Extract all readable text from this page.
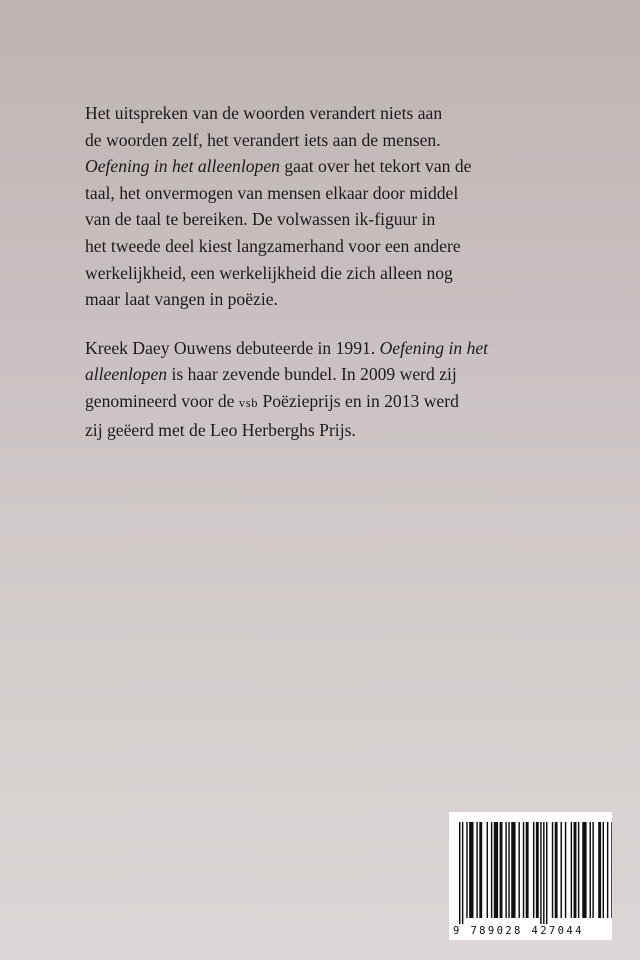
Het uitspreken van de woorden verandert niets aan
de woorden zelf, het verandert iets aan de mensen.
Oefening in het alleenlopen gaat over het tekort van de
taal, het onvermogen van mensen elkaar door middel
van de taal te bereiken. De volwassen ik-figuur in
het tweede deel kiest langzamerhand voor een andere
werkelijkheid, een werkelijkheid die zich alleen nog
maar laat vangen in poëzie.

Kreek Daey Ouwens debuteerde in 1991. Oefening in het
alleenlopen is haar zevende bundel. In 2009 werd zij
genomineerd voor de vsb Poëzieprijs en in 2013 werd
zij geëerd met de Leo Herberghs Prijs.

9 789028 427044
